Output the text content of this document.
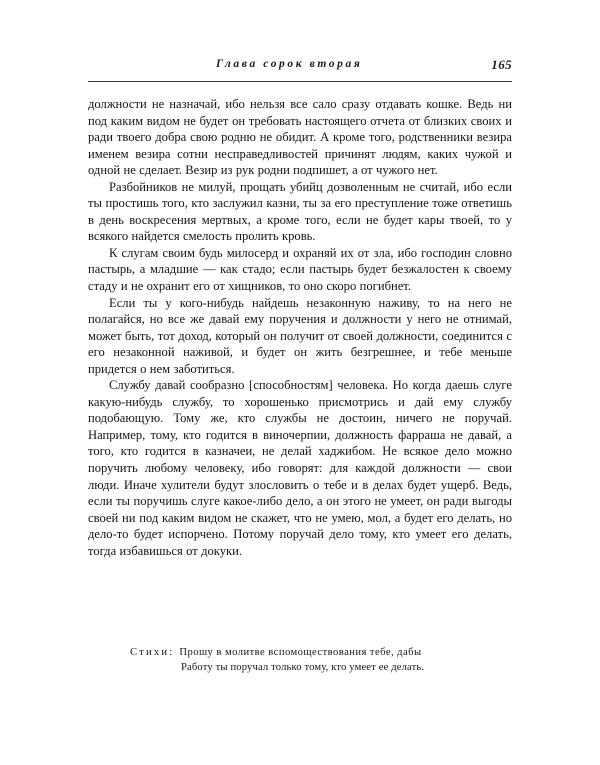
Глава сорок вторая	165

должности не назначай, ибо нельзя все сало сразу отдавать кошке. Ведь ни под каким видом не будет он требовать настоящего отчета от близких своих и ради твоего добра свою родню не обидит. А кроме того, родственники везира именем везира сотни несправедливостей причинят людям, каких чужой и одной не сделает. Везир из рук родни подпишет, а от чужого нет.

Разбойников не милуй, прощать убийц дозволенным не считай, ибо если ты простишь того, кто заслужил казни, ты за его преступление тоже ответишь в день воскресения мертвых, а кроме того, если не будет кары твоей, то у всякого найдется смелость пролить кровь.

К слугам своим будь милосерд и охраняй их от зла, ибо господин словно пастырь, а младшие — как стадо; если пастырь будет безжалостен к своему стаду и не охранит его от хищников, то оно скоро погибнет.

Если ты у кого-нибудь найдешь незаконную наживу, то на него не полагайся, но все же давай ему поручения и должности у него не отнимай, может быть, тот доход, который он получит от своей должности, соединится с его незаконной наживой, и будет он жить безгрешнее, и тебе меньше придется о нем заботиться.

Службу давай сообразно [способностям] человека. Но когда даешь слуге какую-нибудь службу, то хорошенько присмотрись и дай ему службу подобающую. Тому же, кто службы не достоин, ничего не поручай. Например, тому, кто годится в виночерпии, должность фарраша не давай, а того, кто годится в казначеи, не делай хаджибом. Не всякое дело можно поручить любому человеку, ибо говорят: для каждой должности — свои люди. Иначе хулители будут злословить о тебе и в делах будет ущерб. Ведь, если ты поручишь слуге какое-либо дело, а он этого не умеет, он ради выгоды своей ни под каким видом не скажет, что не умею, мол, а будет его делать, но дело-то будет испорчено. Потому поручай дело тому, кто умеет его делать, тогда избавишься от докуки.

Стихи: Прошу в молитве вспомоществования тебе, дабы
Работу ты поручал только тому, кто умеет ее делать.
